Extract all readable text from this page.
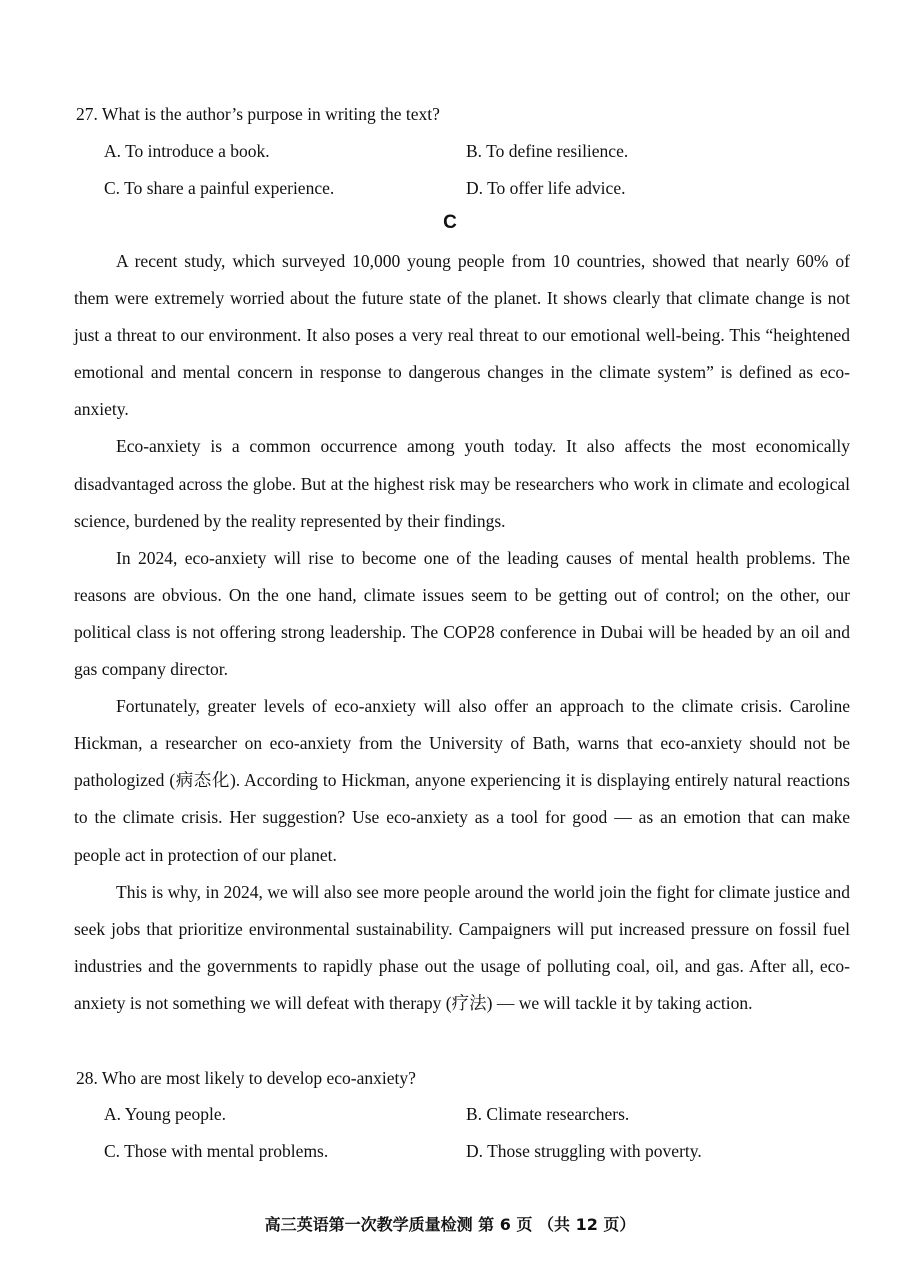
27. What is the author’s purpose in writing the text?
A. To introduce a book.	B. To define resilience.
C. To share a painful experience.	D. To offer life advice.
C

A recent study, which surveyed 10,000 young people from 10 countries, showed that nearly 60% of them were extremely worried about the future state of the planet. It shows clearly that climate change is not just a threat to our environment. It also poses a very real threat to our emotional well-being. This “heightened emotional and mental concern in response to dangerous changes in the climate system” is defined as eco-anxiety.

Eco-anxiety is a common occurrence among youth today. It also affects the most economically disadvantaged across the globe. But at the highest risk may be researchers who work in climate and ecological science, burdened by the reality represented by their findings.

In 2024, eco-anxiety will rise to become one of the leading causes of mental health problems. The reasons are obvious. On the one hand, climate issues seem to be getting out of control; on the other, our political class is not offering strong leadership. The COP28 conference in Dubai will be headed by an oil and gas company director.

Fortunately, greater levels of eco-anxiety will also offer an approach to the climate crisis. Caroline Hickman, a researcher on eco-anxiety from the University of Bath, warns that eco-anxiety should not be pathologized (病态化). According to Hickman, anyone experiencing it is displaying entirely natural reactions to the climate crisis. Her suggestion? Use eco-anxiety as a tool for good — as an emotion that can make people act in protection of our planet.

This is why, in 2024, we will also see more people around the world join the fight for climate justice and seek jobs that prioritize environmental sustainability. Campaigners will put increased pressure on fossil fuel industries and the governments to rapidly phase out the usage of polluting coal, oil, and gas. After all, eco-anxiety is not something we will defeat with therapy (疗法) — we will tackle it by taking action.

28. Who are most likely to develop eco-anxiety?
A. Young people.	B. Climate researchers.
C. Those with mental problems.	D. Those struggling with poverty.
高三英语第一次教学质量检测 第 6 页 （共 12 页）
